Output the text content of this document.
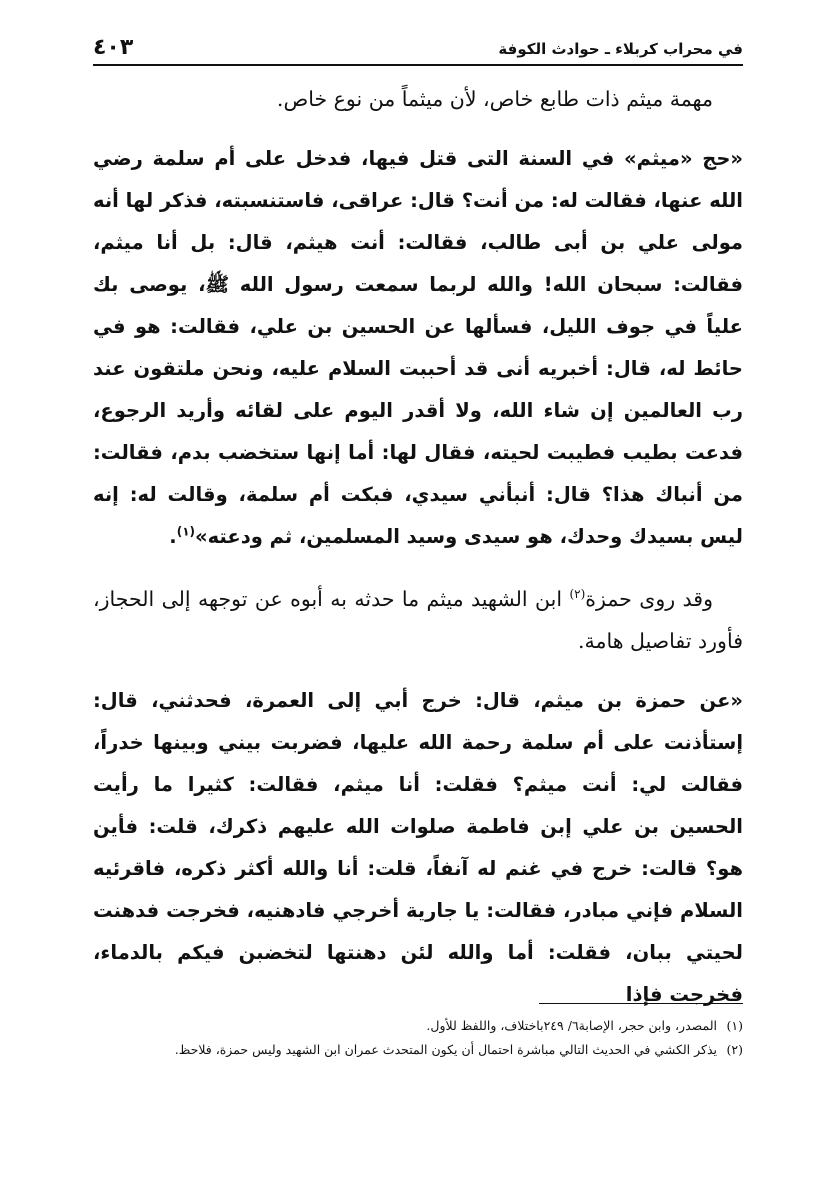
في محراب كربلاء ـ حوادث الكوفة
٤٠٣

مهمة ميثم ذات طابع خاص، لأن ميثماً من نوع خاص.

«حج «ميثم» في السنة التى قتل فيها، فدخل على أم سلمة رضي الله عنها، فقالت له: من أنت؟ قال: عراقى، فاستنسبته، فذكر لها أنه مولى علي بن أبى طالب، فقالت: أنت هيثم، قال: بل أنا ميثم، فقالت: سبحان الله! والله لربما سمعت رسول الله ﷺ، يوصى بك علياً في جوف الليل، فسألها عن الحسين بن علي، فقالت: هو في حائط له، قال: أخبريه أنى قد أحببت السلام عليه، ونحن ملتقون عند رب العالمين إن شاء الله، ولا أقدر اليوم على لقائه وأريد الرجوع، فدعت بطيب فطيبت لحيته، فقال لها: أما إنها ستخضب بدم، فقالت: من أنباك هذا؟ قال: أنبأني سيدي، فبكت أم سلمة، وقالت له: إنه ليس بسيدك وحدك، هو سيدى وسيد المسلمين، ثم ودعته»$^{(١)}$.

وقد روى حمزة$^{(٢)}$ ابن الشهيد ميثم ما حدثه به أبوه عن توجهه إلى الحجاز، فأورد تفاصيل هامة.

«عن حمزة بن ميثم، قال: خرج أبي إلى العمرة، فحدثني، قال: إستأذنت على أم سلمة رحمة الله عليها، فضربت بيني وبينها خدراً، فقالت لي: أنت ميثم؟ فقلت: أنا ميثم، فقالت: كثيرا ما رأيت الحسين بن علي إبن فاطمة صلوات الله عليهم ذكرك، قلت: فأين هو؟ قالت: خرج في غنم له آنفاً، قلت: أنا والله أكثر ذكره، فاقرئيه السلام فإني مبادر، فقالت: يا جارية أخرجي فادهنيه، فخرجت فدهنت لحيتي ببان، فقلت: أما والله لئن دهنتها لتخضبن فيكم بالدماء، فخرجت فإذا

(١)المصدر، وابن حجر، الإصابة٦/ ٢٤٩باختلاف، واللفظ للأول.

(٢)يذكر الكشي في الحديث التالي مباشرة احتمال أن يكون المتحدث عمران ابن الشهيد وليس حمزة، فلاحظ.
